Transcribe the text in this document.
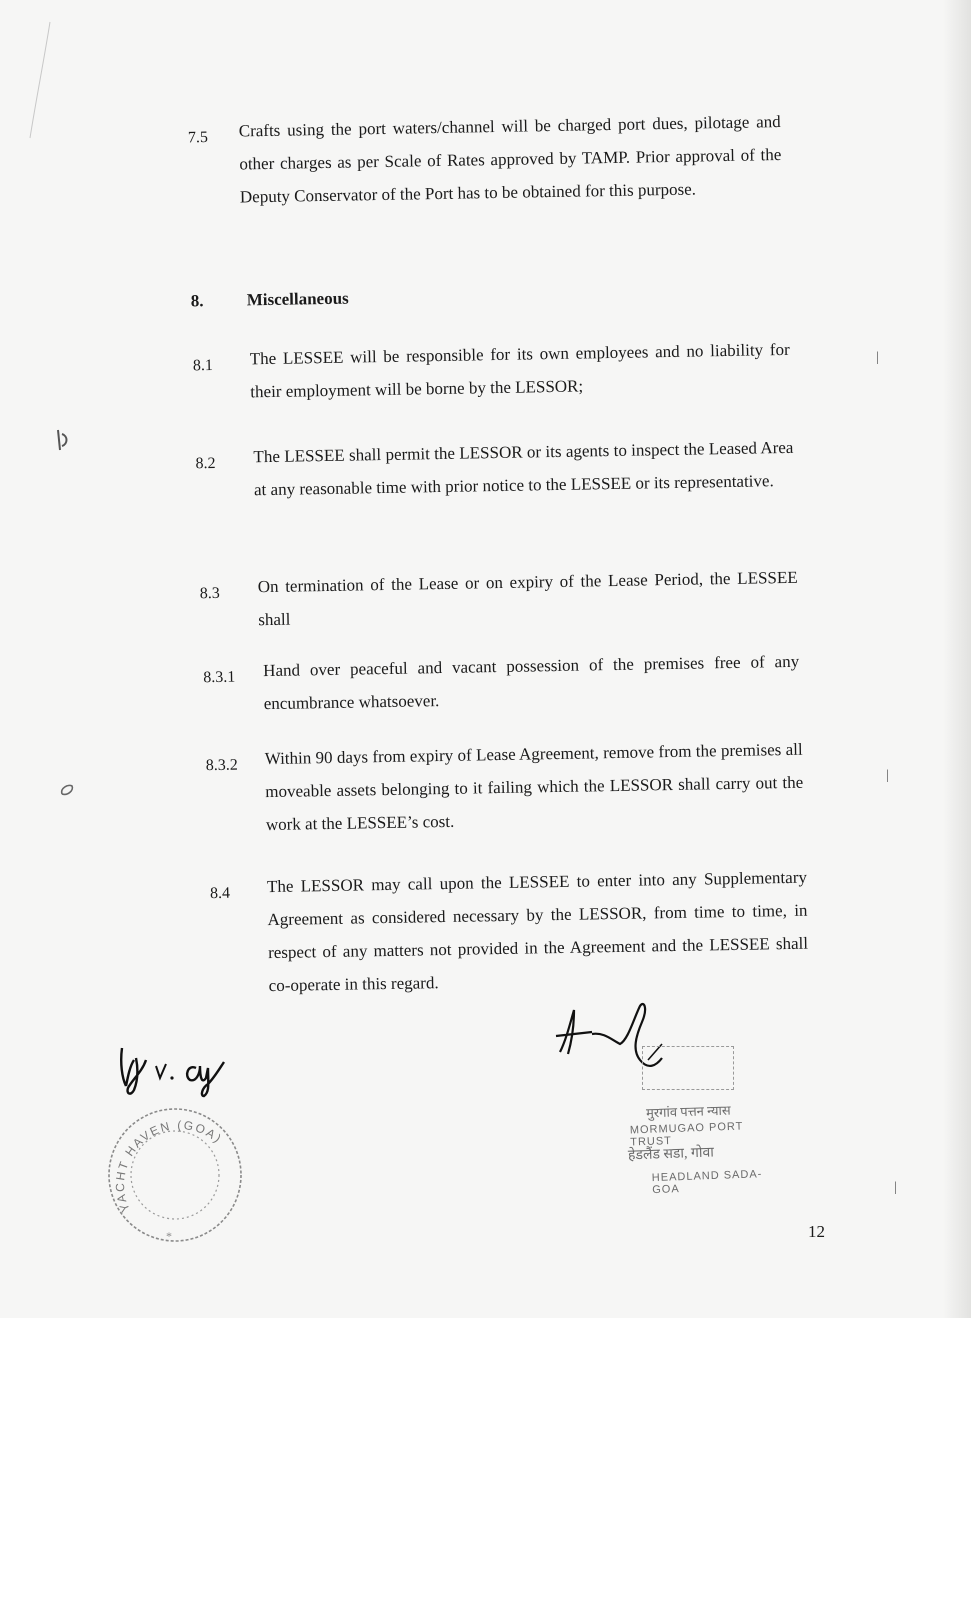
7.5 Crafts using the port waters/channel will be charged port dues, pilotage and other charges as per Scale of Rates approved by TAMP. Prior approval of the Deputy Conservator of the Port has to be obtained for this purpose.
8.	Miscellaneous
8.1 The LESSEE will be responsible for its own employees and no liability for their employment will be borne by the LESSOR;
8.2 The LESSEE shall permit the LESSOR or its agents to inspect the Leased Area at any reasonable time with prior notice to the LESSEE or its representative.
8.3 On termination of the Lease or on expiry of the Lease Period, the LESSEE shall
8.3.1 Hand over peaceful and vacant possession of the premises free of any encumbrance whatsoever.
8.3.2 Within 90 days from expiry of Lease Agreement, remove from the premises all moveable assets belonging to it failing which the LESSOR shall carry out the work at the LESSEE’s cost.
8.4 The LESSOR may call upon the LESSEE to enter into any Supplementary Agreement as considered necessary by the LESSOR, from time to time, in respect of any matters not provided in the Agreement and the LESSEE shall co-operate in this regard.
YACHT HAVEN (GOA)
*
मुरगांव पत्तन न्यास
MORMUGAO PORT TRUST
हेडलैंड सडा, गोवा
HEADLAND SADA-GOA
12
|
|
|
